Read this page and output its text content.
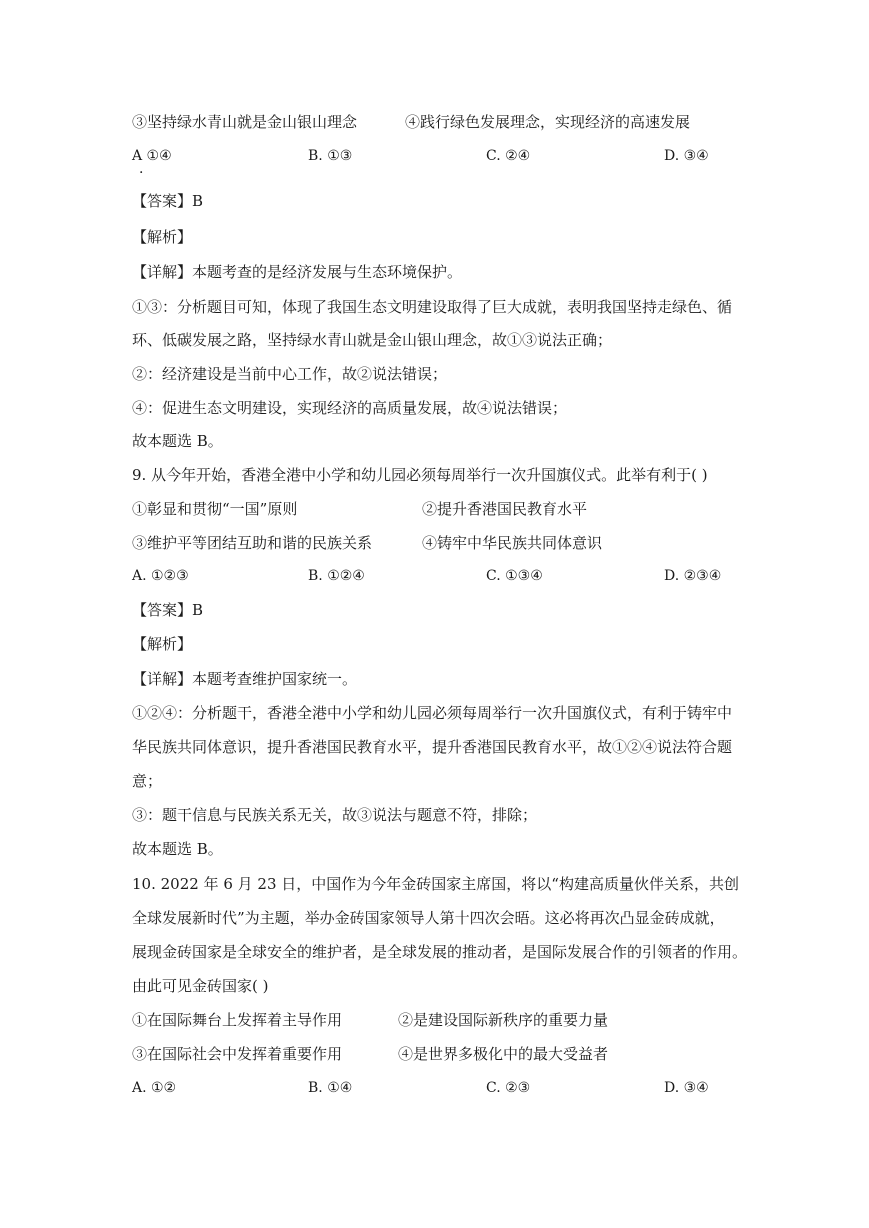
③坚持绿水青山就是金山银山理念	④践行绿色发展理念，实现经济的高速发展
A ①④	B. ①③	C. ②④	D. ③④
·
【答案】B
【解析】
【详解】本题考查的是经济发展与生态环境保护。
①③：分析题目可知，体现了我国生态文明建设取得了巨大成就，表明我国坚持走绿色、循
环、低碳发展之路，坚持绿水青山就是金山银山理念，故①③说法正确；
②：经济建设是当前中心工作，故②说法错误；
④：促进生态文明建设，实现经济的高质量发展，故④说法错误；
故本题选 B。
9. 从今年开始，香港全港中小学和幼儿园必须每周举行一次升国旗仪式。此举有利于( )
①彰显和贯彻“一国”原则	②提升香港国民教育水平
③维护平等团结互助和谐的民族关系	④铸牢中华民族共同体意识
A. ①②③	B. ①②④	C. ①③④	D. ②③④
【答案】B
【解析】
【详解】本题考查维护国家统一。
①②④：分析题干，香港全港中小学和幼儿园必须每周举行一次升国旗仪式，有利于铸牢中
华民族共同体意识，提升香港国民教育水平，提升香港国民教育水平，故①②④说法符合题
意；
③：题干信息与民族关系无关，故③说法与题意不符，排除；
故本题选 B。
10. 2022 年 6 月 23 日，中国作为今年金砖国家主席国，将以“构建高质量伙伴关系，共创
全球发展新时代”为主题，举办金砖国家领导人第十四次会晤。这必将再次凸显金砖成就，
展现金砖国家是全球安全的维护者，是全球发展的推动者，是国际发展合作的引领者的作用。
由此可见金砖国家( )
①在国际舞台上发挥着主导作用	②是建设国际新秩序的重要力量
③在国际社会中发挥着重要作用	④是世界多极化中的最大受益者
A. ①②	B. ①④	C. ②③	D. ③④
